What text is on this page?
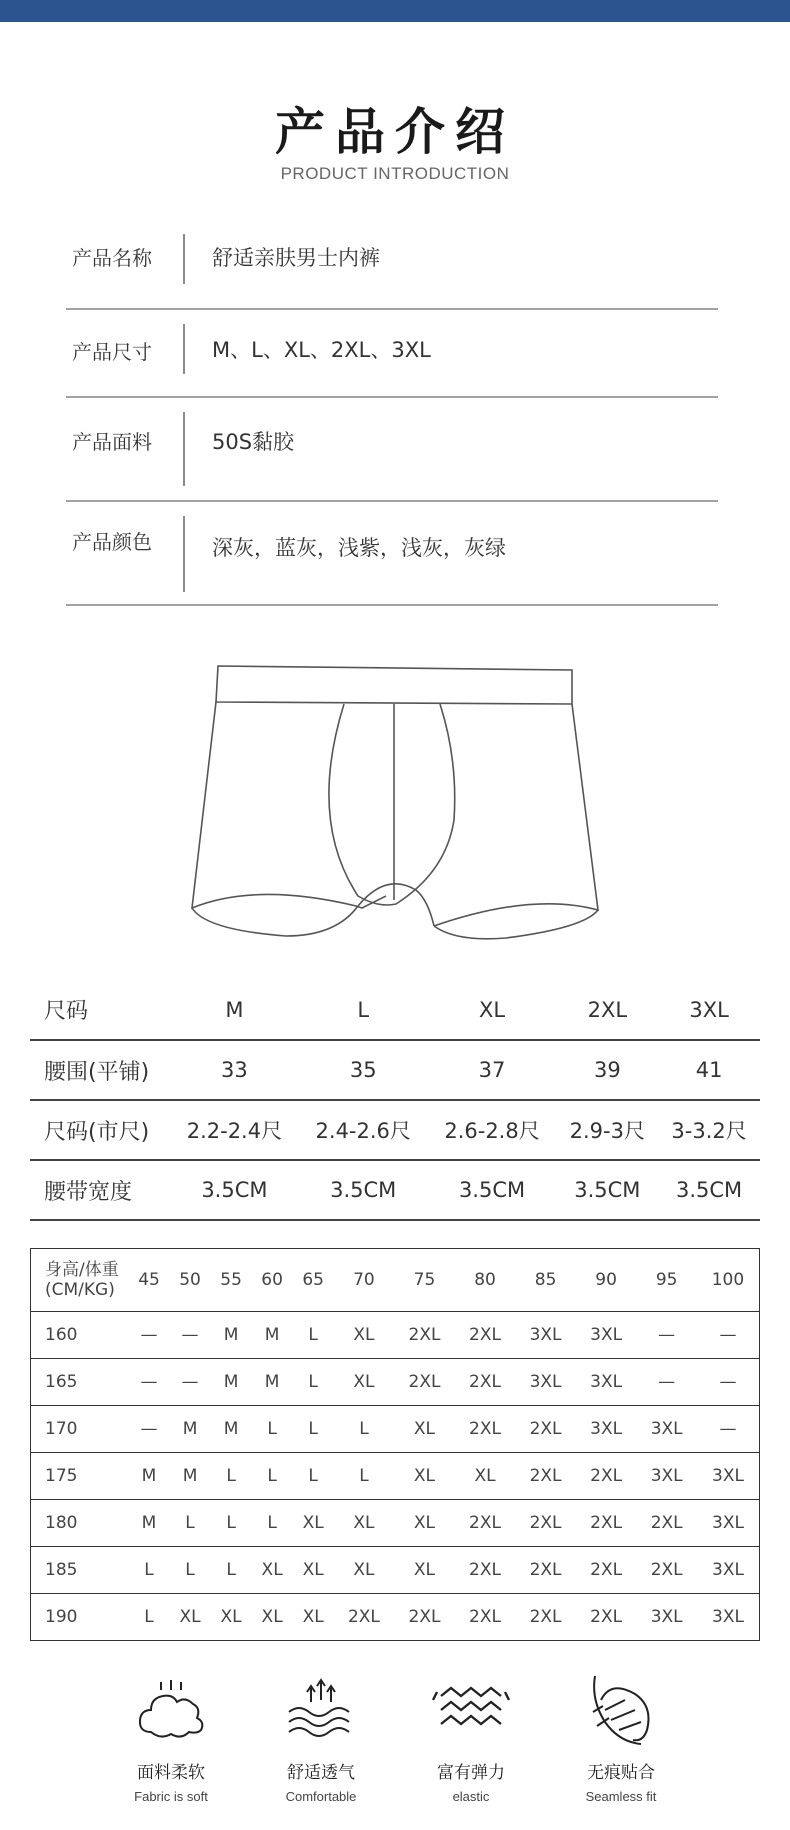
产品介绍
PRODUCT INTRODUCTION
产品名称	舒适亲肤男士内裤
产品尺寸	M、L、XL、2XL、3XL
产品面料	50S黏胶
产品颜色	深灰，蓝灰，浅紫，浅灰，灰绿
尺码	M	L	XL	2XL	3XL
腰围(平铺)	33	35	37	39	41
尺码(市尺)	2.2-2.4尺	2.4-2.6尺	2.6-2.8尺	2.9-3尺	3-3.2尺
腰带宽度	3.5CM	3.5CM	3.5CM	3.5CM	3.5CM
身高/体重
(CM/KG)	45	50	55	60	65	70	75	80	85	90	95	100
160	—	—	M	M	L	XL	2XL	2XL	3XL	3XL	—	—
165	—	—	M	M	L	XL	2XL	2XL	3XL	3XL	—	—
170	—	M	M	L	L	L	XL	2XL	2XL	3XL	3XL	—
175	M	M	L	L	L	L	XL	XL	2XL	2XL	3XL	3XL
180	M	L	L	L	XL	XL	XL	2XL	2XL	2XL	2XL	3XL
185	L	L	L	XL	XL	XL	XL	2XL	2XL	2XL	2XL	3XL
190	L	XL	XL	XL	XL	2XL	2XL	2XL	2XL	2XL	3XL	3XL
面料柔软
Fabric is soft
舒适透气
Comfortable
富有弹力
elastic
无痕贴合
Seamless fit
